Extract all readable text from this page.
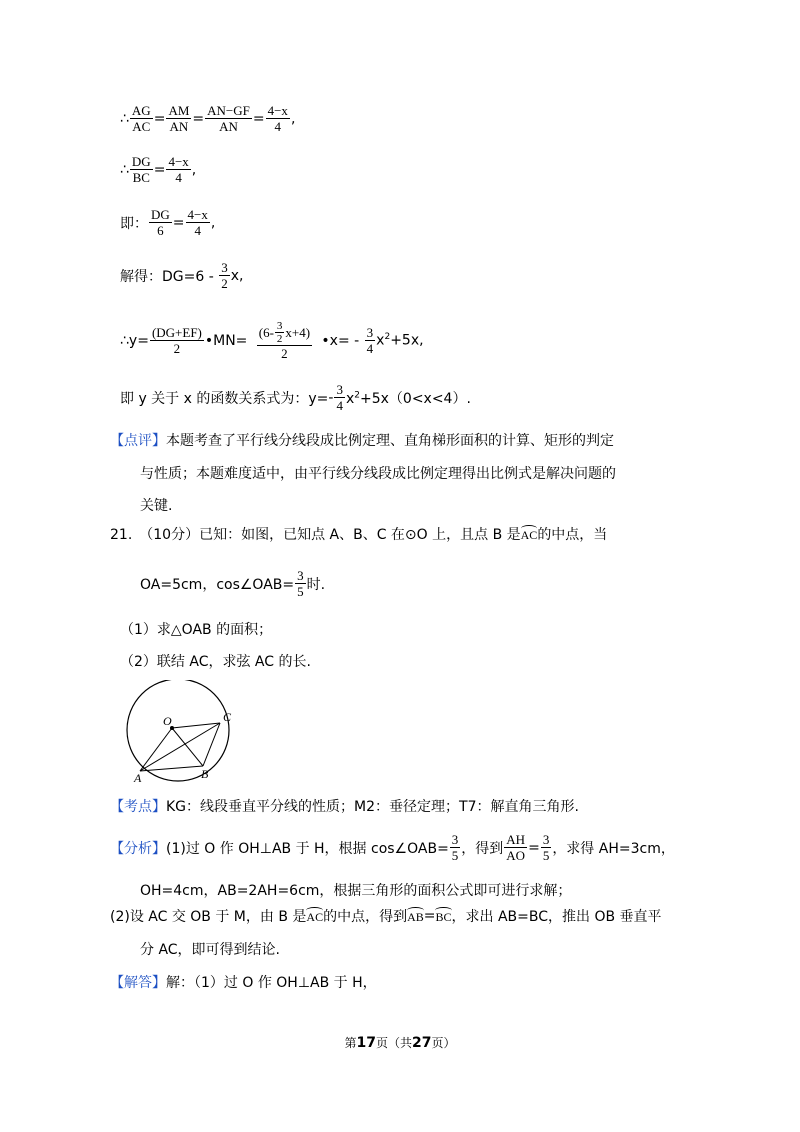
∴ $\frac{AG}{AC} = \frac{AM}{AN} = \frac{AN-GF}{AN} = \frac{4-x}{4}$ ,
∴ $\frac{DG}{BC} = \frac{4-x}{4}$ ,
即： $\frac{DG}{6} = \frac{4-x}{4}$ ,
解得：DG=6 -
$\frac{3}{2} x$,
∴ $y= \frac{(DG+EF)}{2}$ •MN= $\frac{(6- \frac{3}{2} x+4)}{2}$ •x= -
$\frac{3}{4} x^2+5x$,
即 y 关于 x 的函数关系式为：$y= - \frac{3}{4} x^2+5x(0<x<4)$.
【点评】 本题考查了平行线分线段成比例定理、直角梯形面积的计算、矩形的判定
与性质；本题难度适中，由平行线分线段成比例定理得出比例式是解决问题的
关键.
21.　（10分）已知：如图，已知点 A、B、C 在⊙O 上，且点 B 是 AC 的中点，当
OA=5cm，cos∠OAB= $\frac{3}{5}$ 时.
（1）求△OAB 的面积；
（2）联结 AC，求弦 AC 的长.
O	C
A	B
【考点】 KG：线段垂直平分线的性质；M2：垂径定理；T7：解直角三角形.
【分析】 (1)过 O 作 OH⊥AB 于 H，根据 cos∠OAB= $\frac{3}{5}$ ，得到 $\frac{AH}{AO} = \frac{3}{5}$ ，求得 AH=3cm，
OH=4cm，AB=2AH=6cm，根据三角形的面积公式即可进行求解；
(2)设 AC 交 OB 于 M，由 B 是 AC 的中点，得到 AB = BC ，求出 AB=BC，推出 OB 垂直平
分 AC，即可得到结论.
【解答】 解：（1）过 O 作 OH⊥AB 于 H，
第17页（共27页）
